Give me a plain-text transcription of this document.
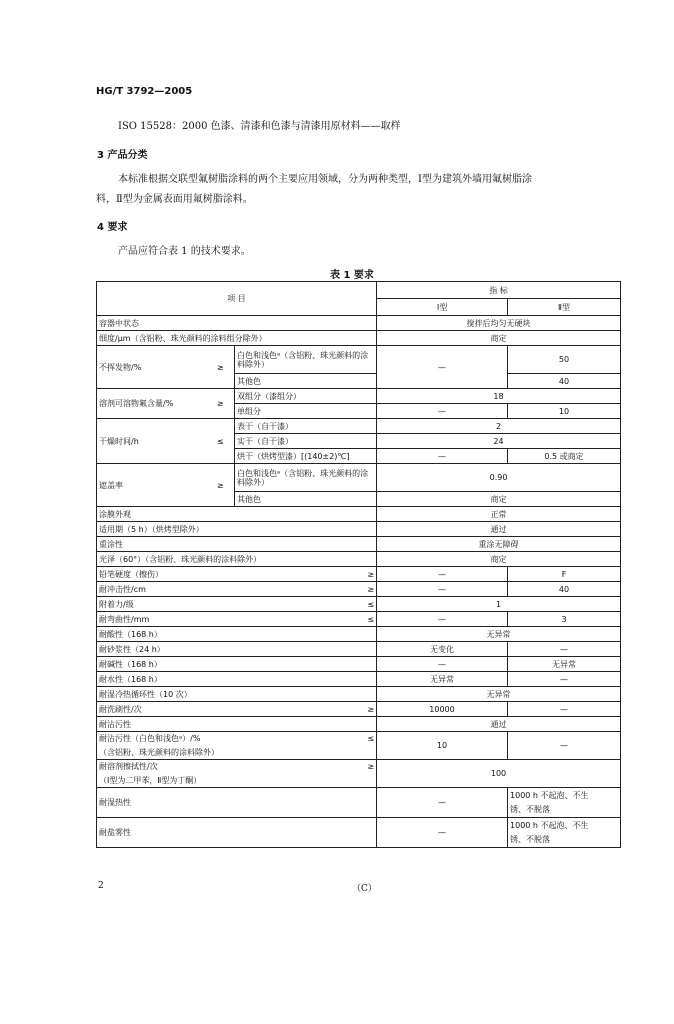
HG/T 3792—2005
ISO 15528：2000 色漆、清漆和色漆与清漆用原材料——取样
3 产品分类
本标准根据交联型氟树脂涂料的两个主要应用领域，分为两种类型，Ⅰ型为建筑外墙用氟树脂涂
料，Ⅱ型为金属表面用氟树脂涂料。
4 要求
产品应符合表 1 的技术要求。
表 1 要求
项 目			指 标	
			Ⅰ型	Ⅱ型
容器中状态			搅拌后均匀无硬块	
细度/μm（含铝粉、珠光颜料的涂料组分除外）			商定	
不挥发物/%	≥	白色和浅色ᵃ（含铝粉、珠光颜料的涂料除外）	—	50
		其他色		40
溶剂可溶物氟含量/%	≥	双组分（漆组分）	18	
		单组分	—	10
干燥时间/h	≤	表干（自干漆）	2	
		实干（自干漆）	24	
		烘干（烘烤型漆）[(140±2)℃]	—	0.5 或商定
遮盖率	≥	白色和浅色ᵃ（含铝粉、珠光颜料的涂料除外）	0.90	
		其他色	商定	
涂膜外观			正常	
适用期（5 h）（烘烤型除外）			通过	
重涂性			重涂无障碍	
光泽（60°）（含铝粉、珠光颜料的涂料除外）			商定	
铅笔硬度（擦伤）		≥	—	F
耐冲击性/cm		≥	—	40
附着力/级		≤	1	
耐弯曲性/mm		≤	—	3
耐酸性（168 h）			无异常	
耐砂浆性（24 h）			无变化	—
耐碱性（168 h）			—	无异常
耐水性（168 h）			无异常	—
耐湿冷热循环性（10 次）			无异常	
耐洗刷性/次		≥	10000	—
耐沾污性			通过	
耐沾污性（白色和浅色ᵃ）/%		≤	10	—
（含铝粉、珠光颜料的涂料除外）				
耐溶剂擦拭性/次		≥	100	
（Ⅰ型为二甲苯，Ⅱ型为丁酮）				
耐湿热性			—	1000 h 不起泡、不生
				锈、不脱落
耐盐雾性			—	1000 h 不起泡、不生
				锈、不脱落
2	（C）
